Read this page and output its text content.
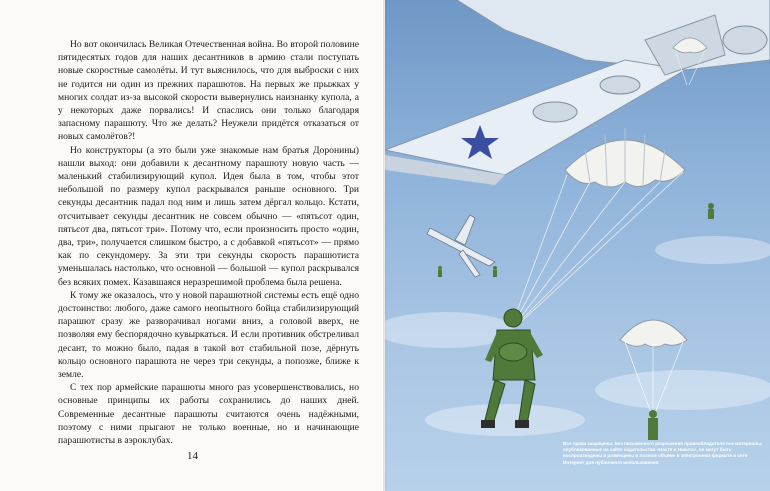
Но вот окончилась Великая Отечественная война. Во второй половине пятидесятых годов для наших десантников в армию стали поступать новые скоростные самолёты. И тут выяснилось, что для выброски с них не годится ни один из прежних парашютов. На первых же прыжках у многих солдат из-за высокой скорости вывернулись наизнанку купола, а у некоторых даже порвались! И спаслись они только благодаря запасному парашюту. Что же делать? Неужели придётся отказаться от новых самолётов?!

Но конструкторы (а это были уже знакомые нам братья Доронины) нашли выход: они добавили к десантному парашюту новую часть — маленький стабилизирующий купол. Идея была в том, чтобы этот небольшой по размеру купол раскрывался раньше основного. Три секунды десантник падал под ним и лишь затем дёргал кольцо. Кстати, отсчитывает секунды десантник не совсем обычно — «пятьсот один, пятьсот два, пятьсот три». Потому что, если произносить просто «один, два, три», получается слишком быстро, а с добавкой «пятьсот» — прямо как по секундомеру. За эти три секунды скорость парашютиста уменьшалась настолько, что основной — большой — купол раскрывался без всяких помех. Казавшаяся неразрешимой проблема была решена.

К тому же оказалось, что у новой парашютной системы есть ещё одно достоинство: любого, даже самого неопытного бойца стабилизирующий парашют сразу же разворачивал ногами вниз, а головой вверх, не позволяя ему беспорядочно кувыркаться. И если противник обстреливал десант, то можно было, падая в такой вот стабильной позе, дёрнуть кольцо основного парашюта не через три секунды, а попозже, ближе к земле.

С тех пор армейские парашюты много раз усовершенствовались, но основные принципы их работы сохранились до наших дней. Современные десантные парашюты считаются очень надёжными, поэтому с ними прыгают не только военные, но и начинающие парашютисты в аэроклубах.

14
Все права защищены. Без письменного разрешения правообладателя все материалы, опубликованные на сайте издательства «Настя и Никита», не могут быть воспроизведены и размещены в полном объёме в электронном формате в сети Интернет для публичного использования.
